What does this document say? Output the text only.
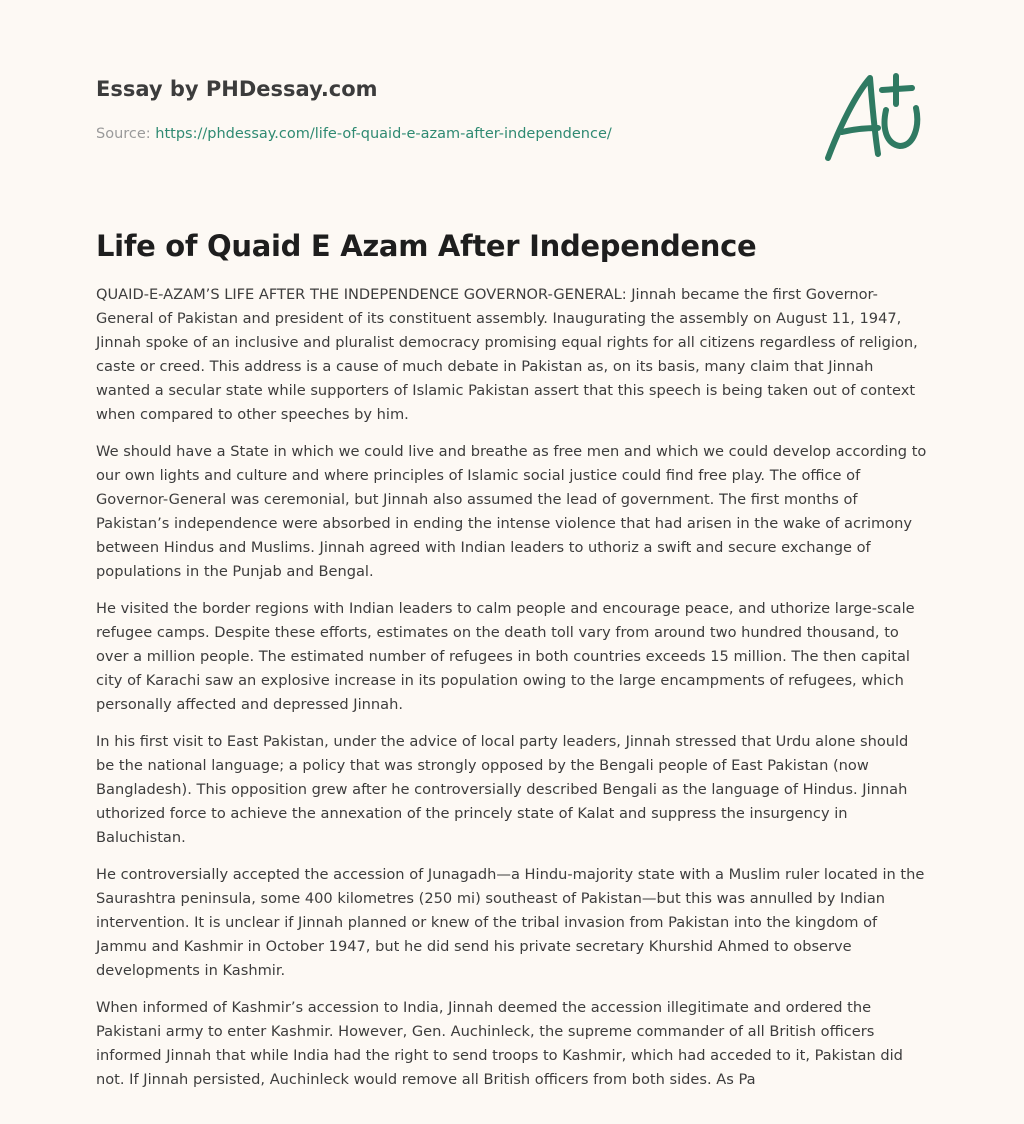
Essay by PHDessay.com
Source: https://phdessay.com/life-of-quaid-e-azam-after-independence/
Life of Quaid E Azam After Independence

QUAID-E-AZAM’S LIFE AFTER THE INDEPENDENCE GOVERNOR-GENERAL: Jinnah became the first Governor-General of Pakistan and president of its constituent assembly. Inaugurating the assembly on August 11, 1947, Jinnah spoke of an inclusive and pluralist democracy promising equal rights for all citizens regardless of religion, caste or creed. This address is a cause of much debate in Pakistan as, on its basis, many claim that Jinnah wanted a secular state while supporters of Islamic Pakistan assert that this speech is being taken out of context when compared to other speeches by him.

We should have a State in which we could live and breathe as free men and which we could develop according to our own lights and culture and where principles of Islamic social justice could find free play. The office of Governor-General was ceremonial, but Jinnah also assumed the lead of government. The first months of Pakistan’s independence were absorbed in ending the intense violence that had arisen in the wake of acrimony between Hindus and Muslims. Jinnah agreed with Indian leaders to uthoriz a swift and secure exchange of populations in the Punjab and Bengal.

He visited the border regions with Indian leaders to calm people and encourage peace, and uthorize large-scale refugee camps. Despite these efforts, estimates on the death toll vary from around two hundred thousand, to over a million people. The estimated number of refugees in both countries exceeds 15 million. The then capital city of Karachi saw an explosive increase in its population owing to the large encampments of refugees, which personally affected and depressed Jinnah.

In his first visit to East Pakistan, under the advice of local party leaders, Jinnah stressed that Urdu alone should be the national language; a policy that was strongly opposed by the Bengali people of East Pakistan (now Bangladesh). This opposition grew after he controversially described Bengali as the language of Hindus. Jinnah uthorized force to achieve the annexation of the princely state of Kalat and suppress the insurgency in Baluchistan.

He controversially accepted the accession of Junagadh—a Hindu-majority state with a Muslim ruler located in the Saurashtra peninsula, some 400 kilometres (250 mi) southeast of Pakistan—but this was annulled by Indian intervention. It is unclear if Jinnah planned or knew of the tribal invasion from Pakistan into the kingdom of Jammu and Kashmir in October 1947, but he did send his private secretary Khurshid Ahmed to observe developments in Kashmir.

When informed of Kashmir’s accession to India, Jinnah deemed the accession illegitimate and ordered the Pakistani army to enter Kashmir. However, Gen. Auchinleck, the supreme commander of all British officers informed Jinnah that while India had the right to send troops to Kashmir, which had acceded to it, Pakistan did not. If Jinnah persisted, Auchinleck would remove all British officers from both sides. As Pa
